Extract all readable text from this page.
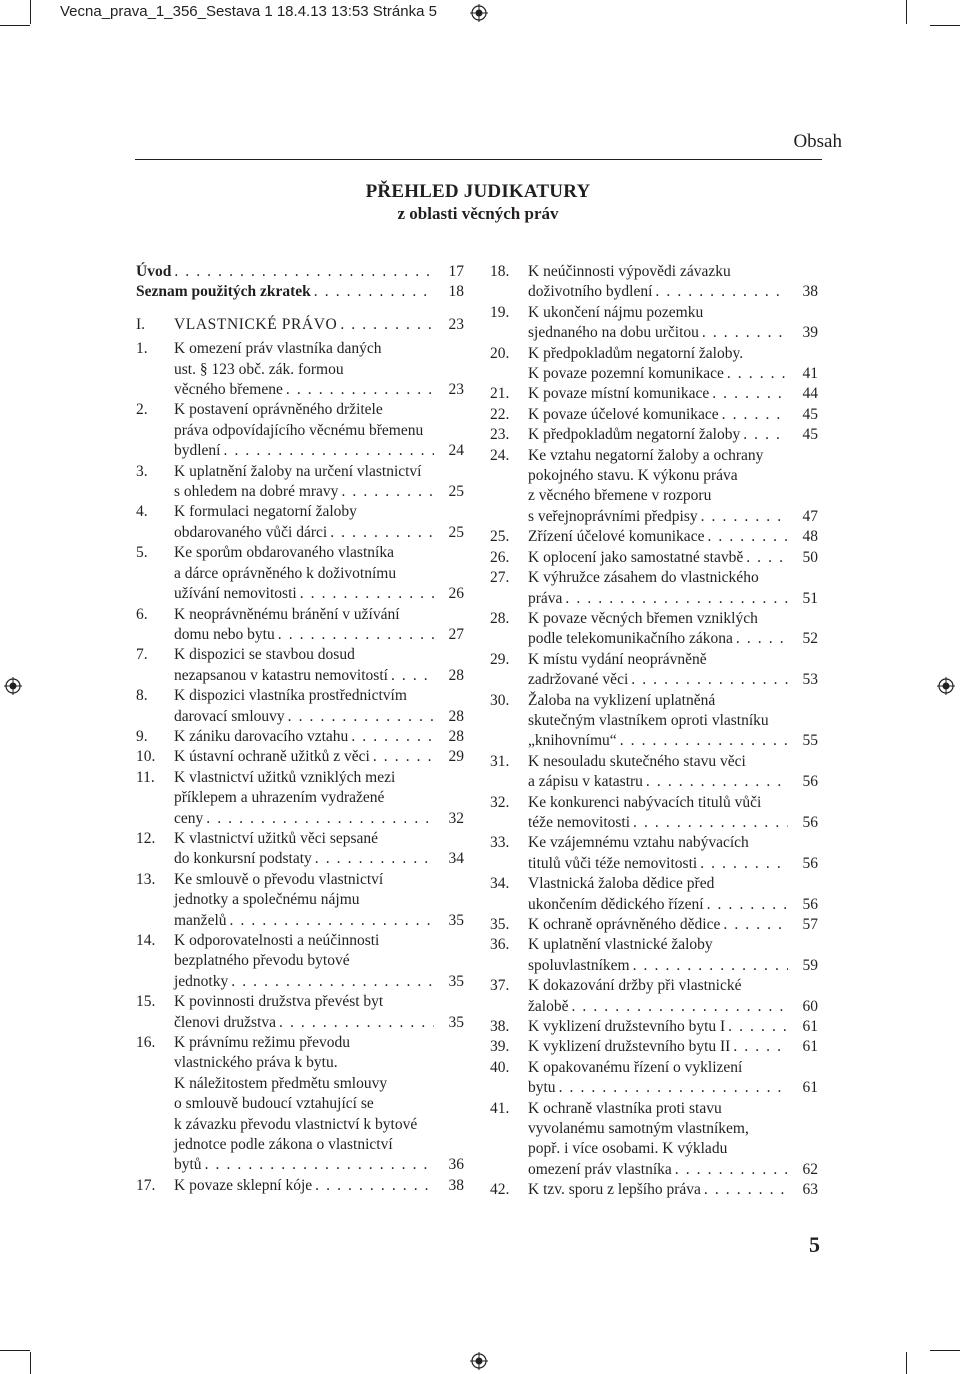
Vecna_prava_1_356_Sestava 1 18.4.13 13:53 Stránka 5
Obsah
PŘEHLED JUDIKATURY
z oblasti věcných práv
Úvod . . .	17
Seznam použitých zkratek . . .	18
I.	VLASTNICKÉ PRÁVO . . .	23
1.	K omezení práv vlastníka daných
ust. § 123 obč. zák. formou
věcného břemene . . .	23
2.	K postavení oprávněného držitele
práva odpovídajícího věcnému břemenu
bydlení . . .	24
3.	K uplatnění žaloby na určení vlastnictví
s ohledem na dobré mravy . . .	25
4.	K formulaci negatorní žaloby
obdarovaného vůči dárci . . .	25
5.	Ke sporům obdarovaného vlastníka
a dárce oprávněného k doživotnímu
užívání nemovitosti . . .	26
6.	K neoprávněnému bránění v užívání
domu nebo bytu . . .	27
7.	K dispozici se stavbou dosud
nezapsanou v katastru nemovitostí . . .	28
8.	K dispozici vlastníka prostřednictvím
darovací smlouvy . . .	28
9.	K zániku darovacího vztahu . . .	28
10.	K ústavní ochraně užitků z věci . . .	29
11.	K vlastnictví užitků vzniklých mezi
příklepem a uhrazením vydražené
ceny . . .	32
12.	K vlastnictví užitků věci sepsané
do konkursní podstaty . . .	34
13.	Ke smlouvě o převodu vlastnictví
jednotky a společnému nájmu
manželů . . .	35
14.	K odporovatelnosti a neúčinnosti
bezplatného převodu bytové
jednotky . . .	35
15.	K povinnosti družstva převést byt
členovi družstva . . .	35
16.	K právnímu režimu převodu
vlastnického práva k bytu.
K náležitostem předmětu smlouvy
o smlouvě budoucí vztahující se
k závazku převodu vlastnictví k bytové
jednotce podle zákona o vlastnictví
bytů . . .	36
17.	K povaze sklepní kóje . . .	38
18.	K neúčinnosti výpovědi závazku
doživotního bydlení . . .	38
19.	K ukončení nájmu pozemku
sjednaného na dobu určitou . . .	39
20.	K předpokladům negatorní žaloby.
K povaze pozemní komunikace . . .	41
21.	K povaze místní komunikace . . .	44
22.	K povaze účelové komunikace . . .	45
23.	K předpokladům negatorní žaloby . . .	45
24.	Ke vztahu negatorní žaloby a ochrany
pokojného stavu. K výkonu práva
z věcného břemene v rozporu
s veřejnoprávními předpisy . . .	47
25.	Zřízení účelové komunikace . . .	48
26.	K oplocení jako samostatné stavbě . . .	50
27.	K výhružce zásahem do vlastnického
práva . . .	51
28.	K povaze věcných břemen vzniklých
podle telekomunikačního zákona . . .	52
29.	K místu vydání neoprávněně
zadržované věci . . .	53
30.	Žaloba na vyklizení uplatněná
skutečným vlastníkem oproti vlastníku
„knihovnímu“ . . .	55
31.	K nesouladu skutečného stavu věci
a zápisu v katastru . . .	56
32.	Ke konkurenci nabývacích titulů vůči
téže nemovitosti . . .	56
33.	Ke vzájemnému vztahu nabývacích
titulů vůči téže nemovitosti . . .	56
34.	Vlastnická žaloba dědice před
ukončením dědického řízení . . .	56
35.	K ochraně oprávněného dědice . . .	57
36.	K uplatnění vlastnické žaloby
spoluvlastníkem . . .	59
37.	K dokazování držby při vlastnické
žalobě . . .	60
38.	K vyklizení družstevního bytu I . . .	61
39.	K vyklizení družstevního bytu II . . .	61
40.	K opakovanému řízení o vyklizení
bytu . . .	61
41.	K ochraně vlastníka proti stavu
vyvolanému samotným vlastníkem,
popř. i více osobami. K výkladu
omezení práv vlastníka . . .	62
42.	K tzv. sporu z lepšího práva . . .	63
5
